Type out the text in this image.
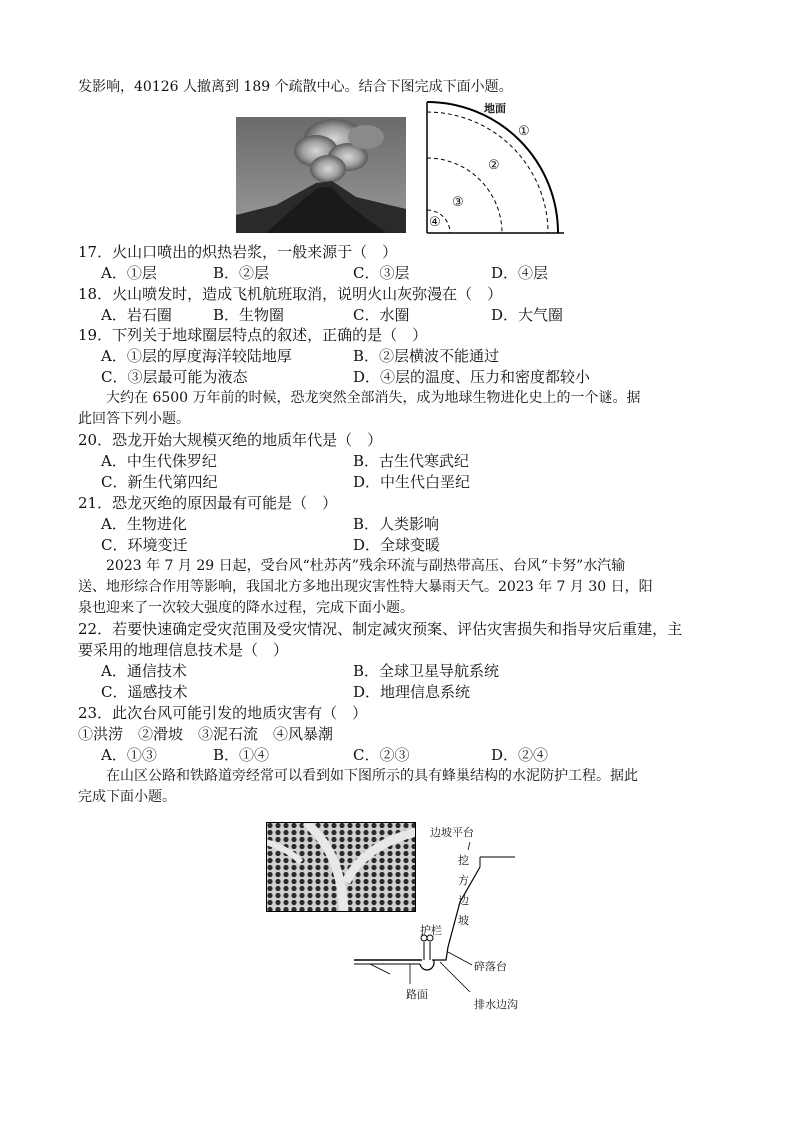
发影响，40126 人撤离到 189 个疏散中心。结合下图完成下面小题。
地面
①
②
③
④
17．火山口喷出的炽热岩浆，一般来源于（　）
A．①层	B．②层	C．③层	D．④层
18．火山喷发时，造成飞机航班取消，说明火山灰弥漫在（　）
A．岩石圈	B．生物圈	C．水圈	D．大气圈
19．下列关于地球圈层特点的叙述，正确的是（　）
A．①层的厚度海洋较陆地厚	B．②层横波不能通过
C．③层最可能为液态	D．④层的温度、压力和密度都较小
大约在 6500 万年前的时候，恐龙突然全部消失，成为地球生物进化史上的一个谜。据
此回答下列小题。
20．恐龙开始大规模灭绝的地质年代是（　）
A．中生代侏罗纪	B．古生代寒武纪
C．新生代第四纪	D．中生代白垩纪
21．恐龙灭绝的原因最有可能是（　）
A．生物进化	B．人类影响
C．环境变迁	D．全球变暖
2023 年 7 月 29 日起，受台风“杜苏芮”残余环流与副热带高压、台风“卡努”水汽输
送、地形综合作用等影响，我国北方多地出现灾害性特大暴雨天气。2023 年 7 月 30 日，阳
泉也迎来了一次较大强度的降水过程，完成下面小题。
22．若要快速确定受灾范围及受灾情况、制定减灾预案、评估灾害损失和指导灾后重建，主
要采用的地理信息技术是（　）
A．通信技术	B．全球卫星导航系统
C．遥感技术	D．地理信息系统
23．此次台风可能引发的地质灾害有（　）
①洪涝　②滑坡　③泥石流　④风暴潮
A．①③	B．①④	C．②③	D．②④
在山区公路和铁路道旁经常可以看到如下图所示的具有蜂巢结构的水泥防护工程。据此
完成下面小题。
边坡平台
挖
方
边
坡
护栏
碎落台
路面
排水边沟
